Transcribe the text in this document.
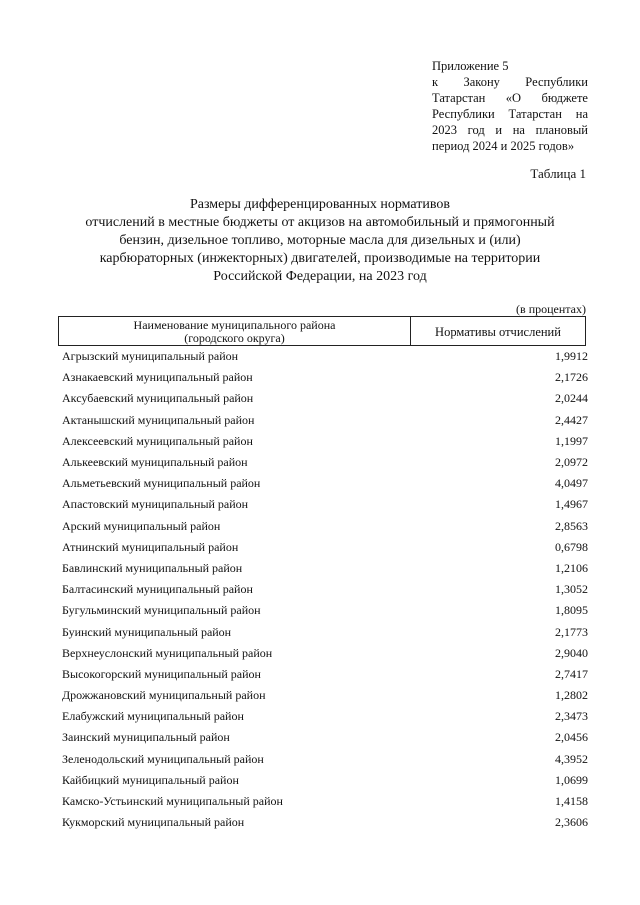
Приложение 5
к Закону Республики
Татарстан «О бюджете
Республики Татарстан на
2023 год и на плановый
период 2024 и 2025 годов»
Таблица 1
Размеры дифференцированных нормативов
отчислений в местные бюджеты от акцизов на автомобильный и прямогонный
бензин, дизельное топливо, моторные масла для дизельных и (или)
карбюраторных (инжекторных) двигателей, производимые на территории
Российской Федерации, на 2023 год
(в процентах)
Наименование муниципального района
(городского округа)	Нормативы отчислений
Агрызский муниципальный район	1,9912
Азнакаевский муниципальный район	2,1726
Аксубаевский муниципальный район	2,0244
Актанышский муниципальный район	2,4427
Алексеевский муниципальный район	1,1997
Алькеевский муниципальный район	2,0972
Альметьевский муниципальный район	4,0497
Апастовский муниципальный район	1,4967
Арский муниципальный район	2,8563
Атнинский муниципальный район	0,6798
Бавлинский муниципальный район	1,2106
Балтасинский муниципальный район	1,3052
Бугульминский муниципальный район	1,8095
Буинский муниципальный район	2,1773
Верхнеуслонский муниципальный район	2,9040
Высокогорский муниципальный район	2,7417
Дрожжановский муниципальный район	1,2802
Елабужский муниципальный район	2,3473
Заинский муниципальный район	2,0456
Зеленодольский муниципальный район	4,3952
Кайбицкий муниципальный район	1,0699
Камско-Устьинский муниципальный район	1,4158
Кукморский муниципальный район	2,3606
